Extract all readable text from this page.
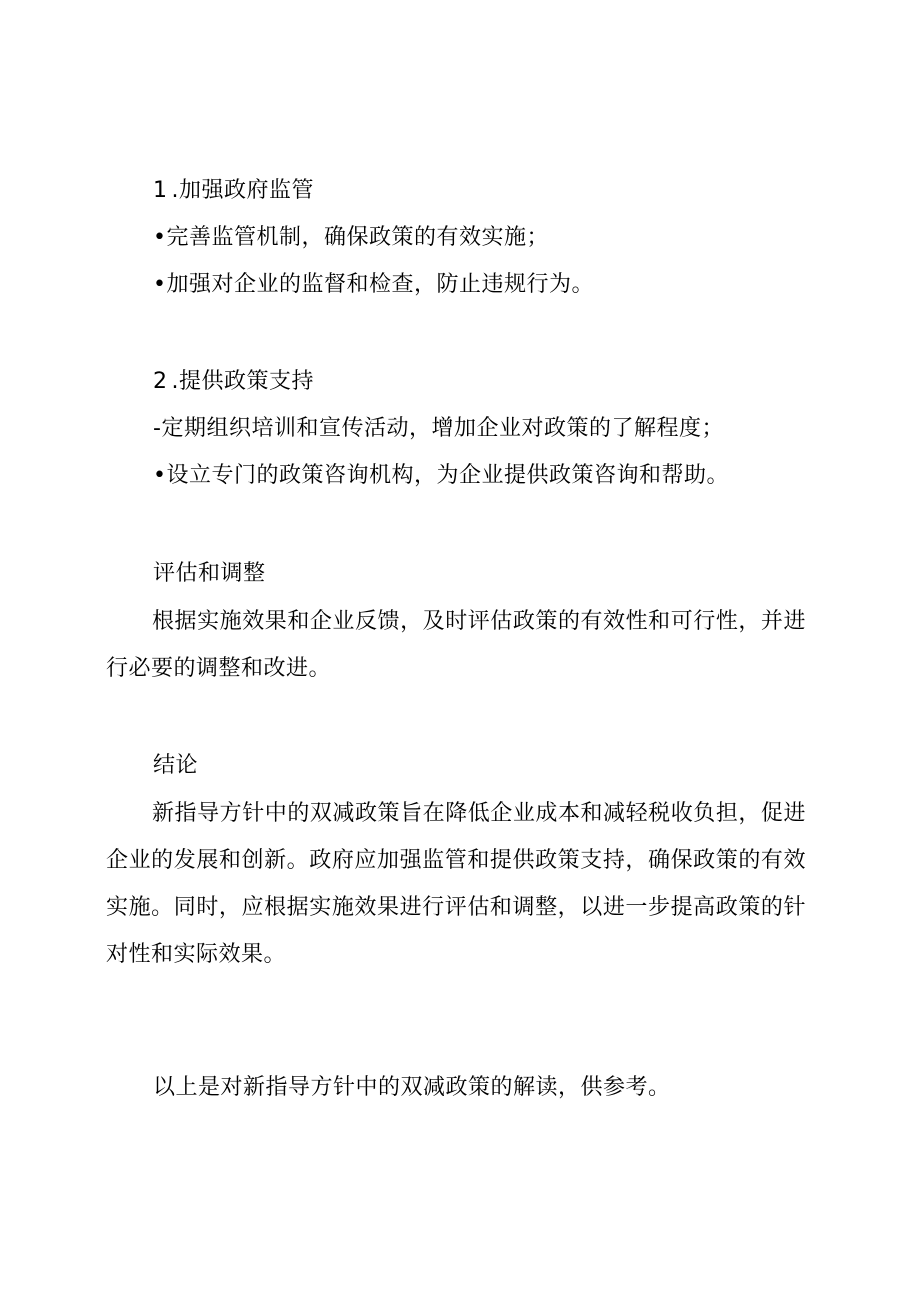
1 .加强政府监管
•完善监管机制，确保政策的有效实施；
•加强对企业的监督和检查，防止违规行为。
2 .提供政策支持
-定期组织培训和宣传活动，增加企业对政策的了解程度；
•设立专门的政策咨询机构，为企业提供政策咨询和帮助。
评估和调整
根据实施效果和企业反馈，及时评估政策的有效性和可行性，并进行必要的调整和改进。
结论
新指导方针中的双减政策旨在降低企业成本和减轻税收负担，促进企业的发展和创新。政府应加强监管和提供政策支持，确保政策的有效实施。同时，应根据实施效果进行评估和调整，以进一步提高政策的针对性和实际效果。
以上是对新指导方针中的双减政策的解读，供参考。
